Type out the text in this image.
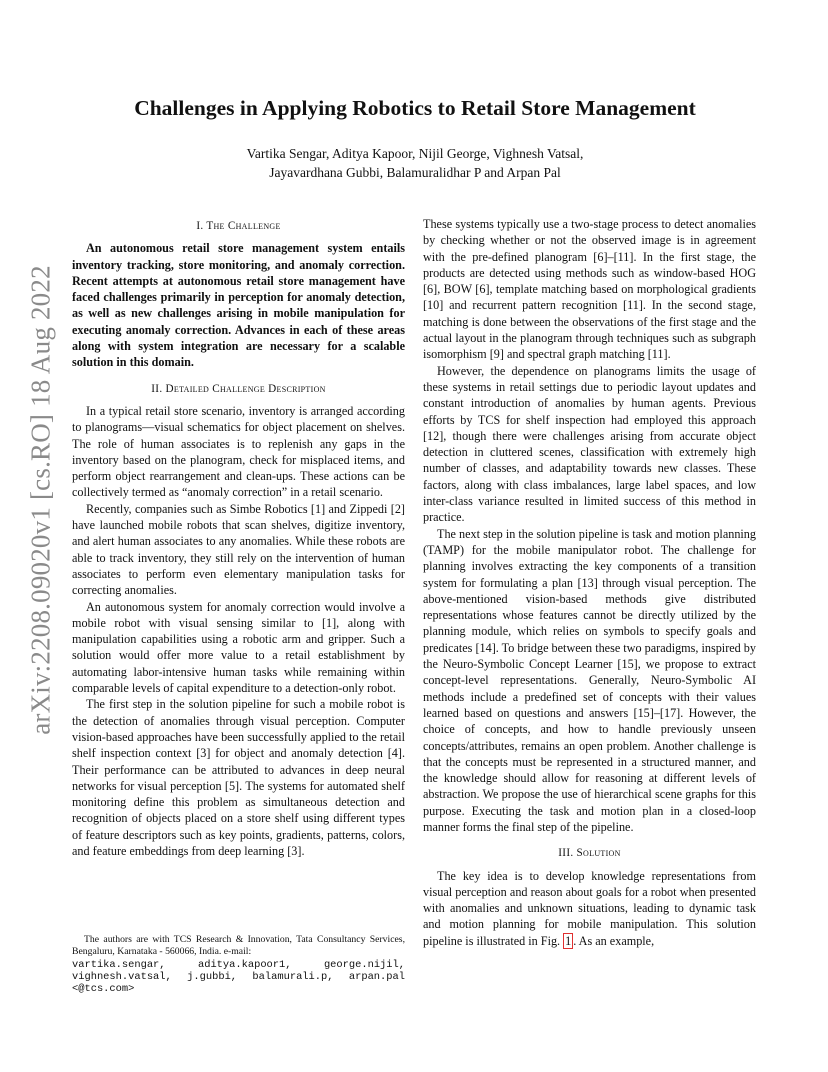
arXiv:2208.09020v1 [cs.RO] 18 Aug 2022
Challenges in Applying Robotics to Retail Store Management
Vartika Sengar, Aditya Kapoor, Nijil George, Vighnesh Vatsal,
Jayavardhana Gubbi, Balamuralidhar P and Arpan Pal
I. The Challenge

An autonomous retail store management system entails inventory tracking, store monitoring, and anomaly correction. Recent attempts at autonomous retail store management have faced challenges primarily in perception for anomaly detection, as well as new challenges arising in mobile manipulation for executing anomaly correction. Advances in each of these areas along with system integration are necessary for a scalable solution in this domain.

II. Detailed Challenge Description

In a typical retail store scenario, inventory is arranged according to planograms—visual schematics for object placement on shelves. The role of human associates is to replenish any gaps in the inventory based on the planogram, check for misplaced items, and perform object rearrangement and clean-ups. These actions can be collectively termed as “anomaly correction” in a retail scenario.

Recently, companies such as Simbe Robotics [1] and Zippedi [2] have launched mobile robots that scan shelves, digitize inventory, and alert human associates to any anomalies. While these robots are able to track inventory, they still rely on the intervention of human associates to perform even elementary manipulation tasks for correcting anomalies.

An autonomous system for anomaly correction would involve a mobile robot with visual sensing similar to [1], along with manipulation capabilities using a robotic arm and gripper. Such a solution would offer more value to a retail establishment by automating labor-intensive human tasks while remaining within comparable levels of capital expenditure to a detection-only robot.

The first step in the solution pipeline for such a mobile robot is the detection of anomalies through visual perception. Computer vision-based approaches have been successfully applied to the retail shelf inspection context [3] for object and anomaly detection [4]. Their performance can be attributed to advances in deep neural networks for visual perception [5]. The systems for automated shelf monitoring define this problem as simultaneous detection and recognition of objects placed on a store shelf using different types of feature descriptors such as key points, gradients, patterns, colors, and feature embeddings from deep learning [3].

The authors are with TCS Research & Innovation, Tata Consultancy Services, Bengaluru, Karnataka - 560066, India. e-mail:

vartika.sengar, aditya.kapoor1, george.nijil, vighnesh.vatsal, j.gubbi, balamurali.p, arpan.pal <@tcs.com>

These systems typically use a two-stage process to detect anomalies by checking whether or not the observed image is in agreement with the pre-defined planogram [6]–[11]. In the first stage, the products are detected using methods such as window-based HOG [6], BOW [6], template matching based on morphological gradients [10] and recurrent pattern recognition [11]. In the second stage, matching is done between the observations of the first stage and the actual layout in the planogram through techniques such as subgraph isomorphism [9] and spectral graph matching [11].

However, the dependence on planograms limits the usage of these systems in retail settings due to periodic layout updates and constant introduction of anomalies by human agents. Previous efforts by TCS for shelf inspection had employed this approach [12], though there were challenges arising from accurate object detection in cluttered scenes, classification with extremely high number of classes, and adaptability towards new classes. These factors, along with class imbalances, large label spaces, and low inter-class variance resulted in limited success of this method in practice.

The next step in the solution pipeline is task and motion planning (TAMP) for the mobile manipulator robot. The challenge for planning involves extracting the key components of a transition system for formulating a plan [13] through visual perception. The above-mentioned vision-based methods give distributed representations whose features cannot be directly utilized by the planning module, which relies on symbols to specify goals and predicates [14]. To bridge between these two paradigms, inspired by the Neuro-Symbolic Concept Learner [15], we propose to extract concept-level representations. Generally, Neuro-Symbolic AI methods include a predefined set of concepts with their values learned based on questions and answers [15]–[17]. However, the choice of concepts, and how to handle previously unseen concepts/attributes, remains an open problem. Another challenge is that the concepts must be represented in a structured manner, and the knowledge should allow for reasoning at different levels of abstraction. We propose the use of hierarchical scene graphs for this purpose. Executing the task and motion plan in a closed-loop manner forms the final step of the pipeline.

III. Solution

The key idea is to develop knowledge representations from visual perception and reason about goals for a robot when presented with anomalies and unknown situations, leading to dynamic task and motion planning for mobile manipulation. This solution pipeline is illustrated in Fig. 1 . As an example,
